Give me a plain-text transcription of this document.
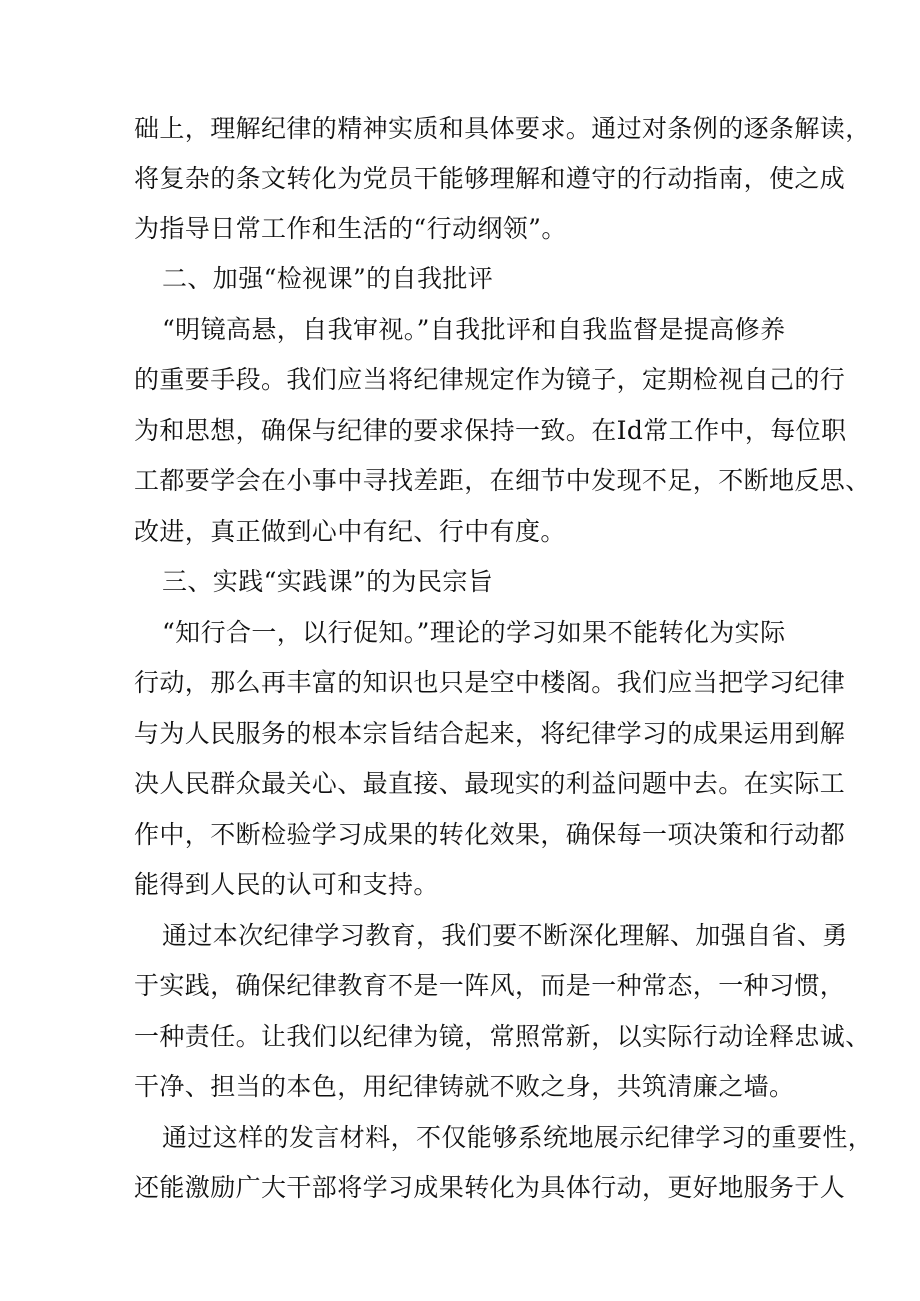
础上，理解纪律的精神实质和具体要求。通过对条例的逐条解读，
将复杂的条文转化为党员干能够理解和遵守的行动指南，使之成
为指导日常工作和生活的“行动纲领”。
二、加强“检视课”的自我批评
“明镜高悬，自我审视。”自我批评和自我监督是提高修养
的重要手段。我们应当将纪律规定作为镜子，定期检视自己的行
为和思想，确保与纪律的要求保持一致。在Id常工作中，每位职
工都要学会在小事中寻找差距，在细节中发现不足，不断地反思、
改进，真正做到心中有纪、行中有度。
三、实践“实践课”的为民宗旨
“知行合一，以行促知。”理论的学习如果不能转化为实际
行动，那么再丰富的知识也只是空中楼阁。我们应当把学习纪律
与为人民服务的根本宗旨结合起来，将纪律学习的成果运用到解
决人民群众最关心、最直接、最现实的利益问题中去。在实际工
作中，不断检验学习成果的转化效果，确保每一项决策和行动都
能得到人民的认可和支持。
通过本次纪律学习教育，我们要不断深化理解、加强自省、勇
于实践，确保纪律教育不是一阵风，而是一种常态，一种习惯，
一种责任。让我们以纪律为镜，常照常新，以实际行动诠释忠诚、
干净、担当的本色，用纪律铸就不败之身，共筑清廉之墙。
通过这样的发言材料，不仅能够系统地展示纪律学习的重要性，
还能激励广大干部将学习成果转化为具体行动，更好地服务于人
